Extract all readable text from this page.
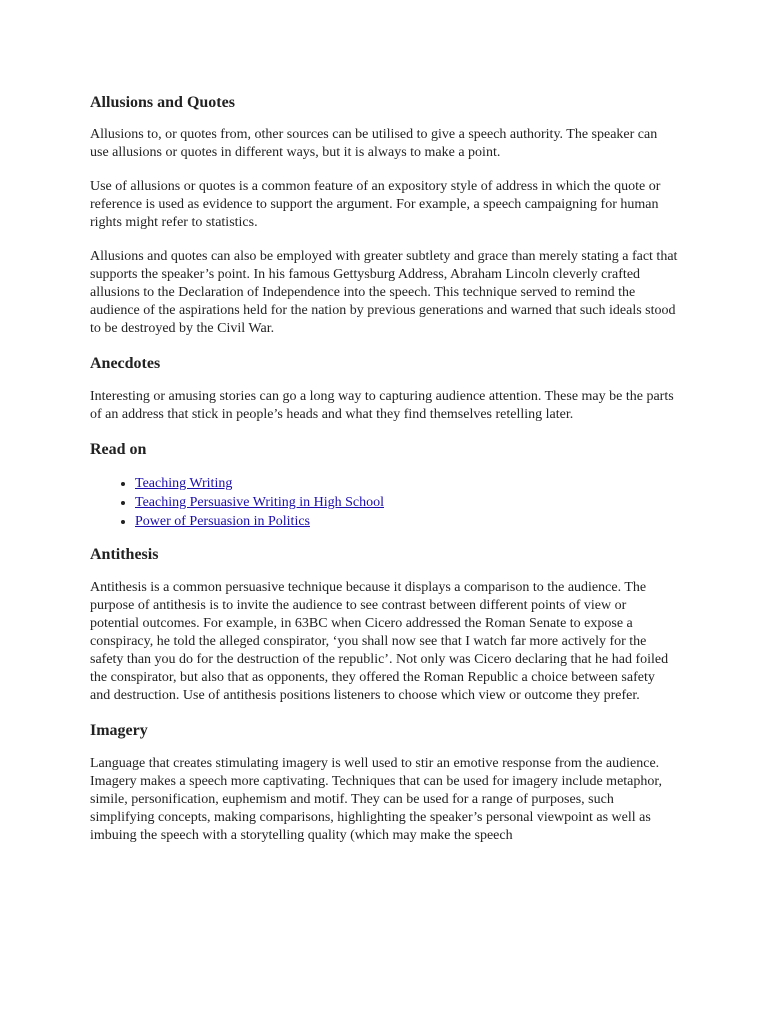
Allusions and Quotes

Allusions to, or quotes from, other sources can be utilised to give a speech authority. The speaker can use allusions or quotes in different ways, but it is always to make a point.

Use of allusions or quotes is a common feature of an expository style of address in which the quote or reference is used as evidence to support the argument. For example, a speech campaigning for human rights might refer to statistics.

Allusions and quotes can also be employed with greater subtlety and grace than merely stating a fact that supports the speaker’s point. In his famous Gettysburg Address, Abraham Lincoln cleverly crafted allusions to the Declaration of Independence into the speech. This technique served to remind the audience of the aspirations held for the nation by previous generations and warned that such ideals stood to be destroyed by the Civil War.

Anecdotes

Interesting or amusing stories can go a long way to capturing audience attention. These may be the parts of an address that stick in people’s heads and what they find themselves retelling later.

Read on
• Teaching Writing
• Teaching Persuasive Writing in High School
• Power of Persuasion in Politics
Antithesis

Antithesis is a common persuasive technique because it displays a comparison to the audience. The purpose of antithesis is to invite the audience to see contrast between different points of view or potential outcomes. For example, in 63BC when Cicero addressed the Roman Senate to expose a conspiracy, he told the alleged conspirator, ‘you shall now see that I watch far more actively for the safety than you do for the destruction of the republic’. Not only was Cicero declaring that he had foiled the conspirator, but also that as opponents, they offered the Roman Republic a choice between safety and destruction. Use of antithesis positions listeners to choose which view or outcome they prefer.

Imagery

Language that creates stimulating imagery is well used to stir an emotive response from the audience. Imagery makes a speech more captivating. Techniques that can be used for imagery include metaphor, simile, personification, euphemism and motif. They can be used for a range of purposes, such simplifying concepts, making comparisons, highlighting the speaker’s personal viewpoint as well as imbuing the speech with a storytelling quality (which may make the speech
